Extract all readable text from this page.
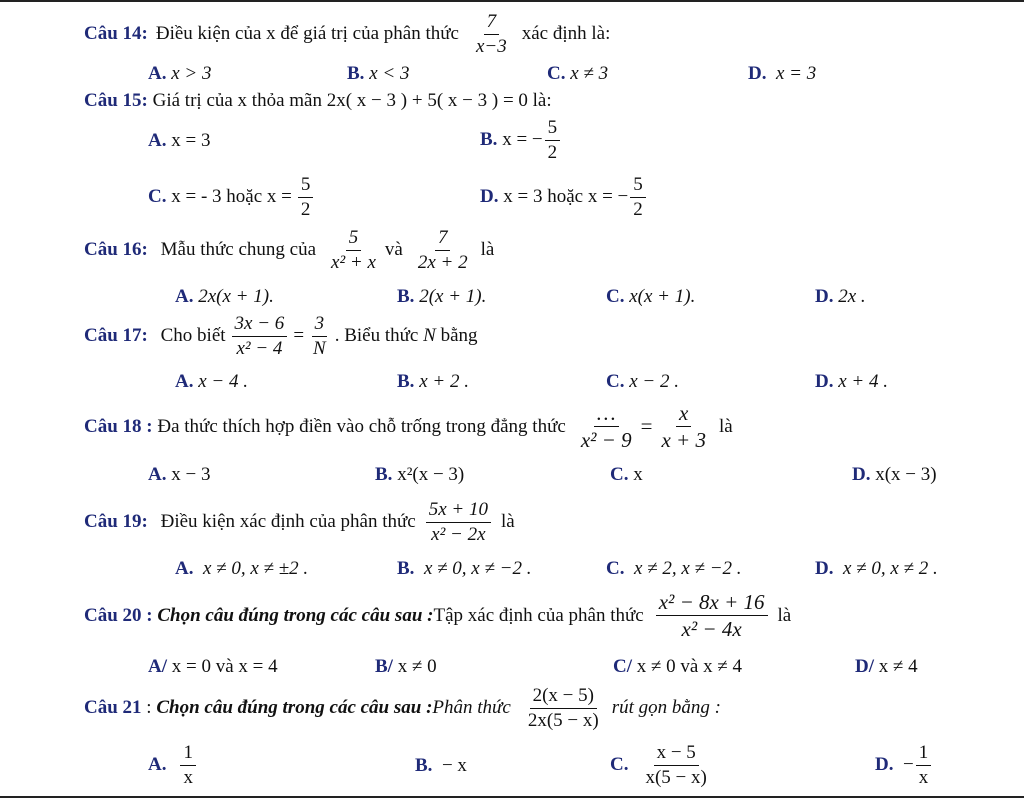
Câu 14: Điều kiện của x để giá trị của phân thức $\frac{7}{x-3}$ xác định là:
A.
x > 3	B.
x < 3	C.
x ≠ 3	D.
x = 3
Câu 15:
Giá trị của x thỏa mãn
2x( x − 3 ) + 5( x − 3 ) = 0
là:
A.
x = 3	B.
x = − $\frac{5}{2}$
C.
x = - 3 hoặc $x = \frac{5}{2}$	D.
x = 3 hoặc x = − $\frac{5}{2}$
Câu 16:
Mẫu thức chung của $\frac{5}{\text{x² + x}}$ và $\frac{7}{2x + 2}$ là
A.
2x(x + 1).	B.
2(x + 1).	C.
x(x + 1).	D.
2x .
Câu 17:
Cho biết $\frac{3x - 6}{\text{x² − 4}} = \frac{3}{N}$ . Biểu thức
N
bằng
A.
x − 4 .	B.
x + 2 .	C.
x − 2 .	D.
x + 4 .
Câu 18 :
Đa thức thích hợp điền vào chỗ trống trong đẳng thức $\frac{\dots}{\text{x² − 9}} = \frac{x}{x + 3}$ là
A.
x − 3	B.
x²(x − 3)	C.
x	D.
x(x − 3)
Câu 19:
Điều kiện xác định của phân thức $\frac{5x + 10}{\text{x² − 2x}}$ là
A.
x ≠ 0, x ≠ ±2 .	B.
x ≠ 0, x ≠ −2 .	C.
x ≠ 2, x ≠ −2 .	D.
x ≠ 0, x ≠ 2 .
Câu 20 :
Chọn câu đúng trong các câu sau : Tập xác định của phân thức $\frac{\text{x² − 8x + 16}}{\text{x² − 4x}}$ là
A/
x = 0 và x = 4	B/
x ≠ 0	C/
x ≠ 0 và x ≠ 4	D/
x ≠ 4
Câu 21
:
Chọn câu đúng trong các câu sau : Phân thức $\frac{2(x - 5)}{2x(5 - x)}$ rút gọn bằng :
A. $\frac{1}{x}$	B.
− x	C. $\frac{x - 5}{x(5 - x)}$	D.
− $\frac{1}{x}$
